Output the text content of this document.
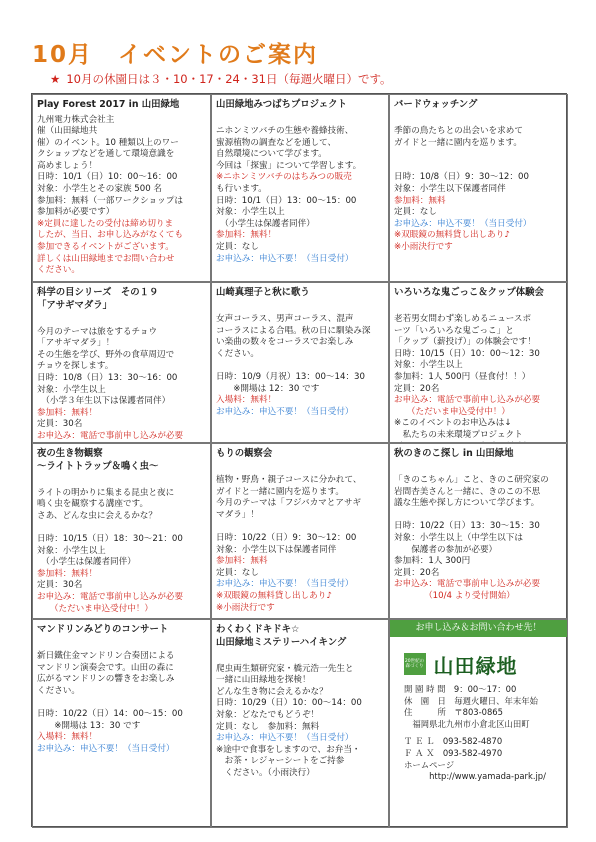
10月　イベントのご案内
★ 10月の休園日は３・10・17・24・31日（毎週火曜日）です。
Play Forest 2017 in 山田緑地
九州電力株式会社主
催（山田緑地共
催）のイベント。10 種類以上のワー
クショップなどを通して環境意識を
高めましょう！
日時：10/1（日）10：00〜16：00
対象：小学生とその家族 500 名
参加料：無料（一部ワークショップは
参加料が必要です）
※定員に達したの受付は締め切りま
したが、当日、お申し込みがなくても
参加できるイベントがございます。
詳しくは山田緑地までお問い合わせ
ください。
山田緑地みつばちプロジェクト

ニホンミツバチの生態や養蜂技術、
蜜源植物の調査などを通して、
自然環境について学びます。
今回は「探蜜」について学習します。
※ニホンミツバチのはちみつの販売
も行います。
日時：10/1（日）13：00〜15：00
対象：小学生以上
　（小学生は保護者同伴）
参加料：無料！
定員：なし
お申込み：申込不要！（当日受付）
バードウォッチング

季節の鳥たちとの出会いを求めて
ガイドと一緒に園内を巡ります。

日時：10/8（日）9：30〜12：00
対象：小学生以下保護者同伴
参加料：無料
定員：なし
お申込み：申込不要！（当日受付）
※双眼鏡の無料貸し出しあり♪
※小雨決行です
科学の目シリーズ　その１９
「アサギマダラ」

今月のテーマは旅をするチョウ
「アサギマダラ」！
その生態を学び、野外の食草周辺で
チョウを探します。
日時：10/8（日）13：30〜16：00
対象：小学生以上
　（小学３年生以下は保護者同伴）
参加料：無料！
定員：30名
お申込み：電話で事前申し込みが必要
山崎真理子と秋に歌う

女声コーラス、男声コーラス、混声
コーラスによる合唱。秋の日に馴染み深
い楽曲の数々をコーラスでお楽しみ
ください。

日時：10/9（月祝）13：00〜14：30
　　※開場は 12：30 です
入場料：無料！
お申込み：申込不要！（当日受付）
いろいろな鬼ごっこ＆クップ体験会

老若男女問わず楽しめるニュースポ
ーツ「いろいろな鬼ごっこ」と
「クップ（薪投げ）」の体験会です！
日時：10/15（日）10：00〜12：30
対象：小学生以上
参加料：1人 500円（昼食付！！）
定員：20名
お申込み：電話で事前申し込みが必要
　　（ただいま申込受付中！）
※このイベントのお申込みは↓
　私たちの未来環境プロジェクト
夜の生き物観察
〜ライトトラップ＆鳴く虫〜

ライトの明かりに集まる昆虫と夜に
鳴く虫を観察する講座です。
さあ、どんな虫に会えるかな？

日時：10/15（日）18：30〜21：00
対象：小学生以上
　（小学生は保護者同伴）
参加料：無料！
定員：30名
お申込み：電話で事前申し込みが必要
　　（ただいま申込受付中！）
もりの観察会

植物・野鳥・親子コースに分かれて、
ガイドと一緒に園内を巡ります。
今月のテーマは「フジバカマとアサギ
マダラ」！

日時：10/22（日）9：30〜12：00
対象：小学生以下は保護者同伴
参加料：無料
定員：なし
お申込み：申込不要！（当日受付）
※双眼鏡の無料貸し出しあり♪
※小雨決行です
秋のきのこ探し in 山田緑地

「きのこちゃん」こと、きのこ研究家の
岩間杏美さんと一緒に、きのこの不思
議な生態や探し方について学びます。

日時：10/22（日）13：30〜15：30
対象：小学生以上（中学生以下は
　　保護者の参加が必要）
参加料：1人 300円
定員：20名
お申込み：電話で事前申し込みが必要
　　　　（10/4 より受付開始）
マンドリンみどりのコンサート

新日鐵住金マンドリン合奏団による
マンドリン演奏会です。山田の森に
広がるマンドリンの響きをお楽しみ
ください。

日時：10/22（日）14：00〜15：00
　　※開場は 13：30 です
入場料：無料！
お申込み：申込不要！（当日受付）
わくわくドキドキ☆
山田緑地ミステリーハイキング

爬虫両生類研究家・橋元浩一先生と
一緒に山田緑地を探検！
どんな生き物に会えるかな？
日時：10/29（日）10：00〜14：00
対象：どなたでもどうぞ！
定員：なし　参加料：無料
お申込み：申込不要！（当日受付）
※途中で食事をしますので、お弁当・
　お茶・レジャーシートをご持参
　ください。（小雨決行）
お申し込み＆お問い合わせ先！
20世紀の森づくり 山田緑地
開 園 時 間　9：00〜17：00
休　園　日　毎週火曜日、年末年始
住　　　所　〒803-0865
　福岡県北九州市小倉北区山田町
Ｔ Ｅ Ｌ　093-582-4870
Ｆ Ａ Ｘ　093-582-4970
ホームページ
　　　http://www.yamada-park.jp/
